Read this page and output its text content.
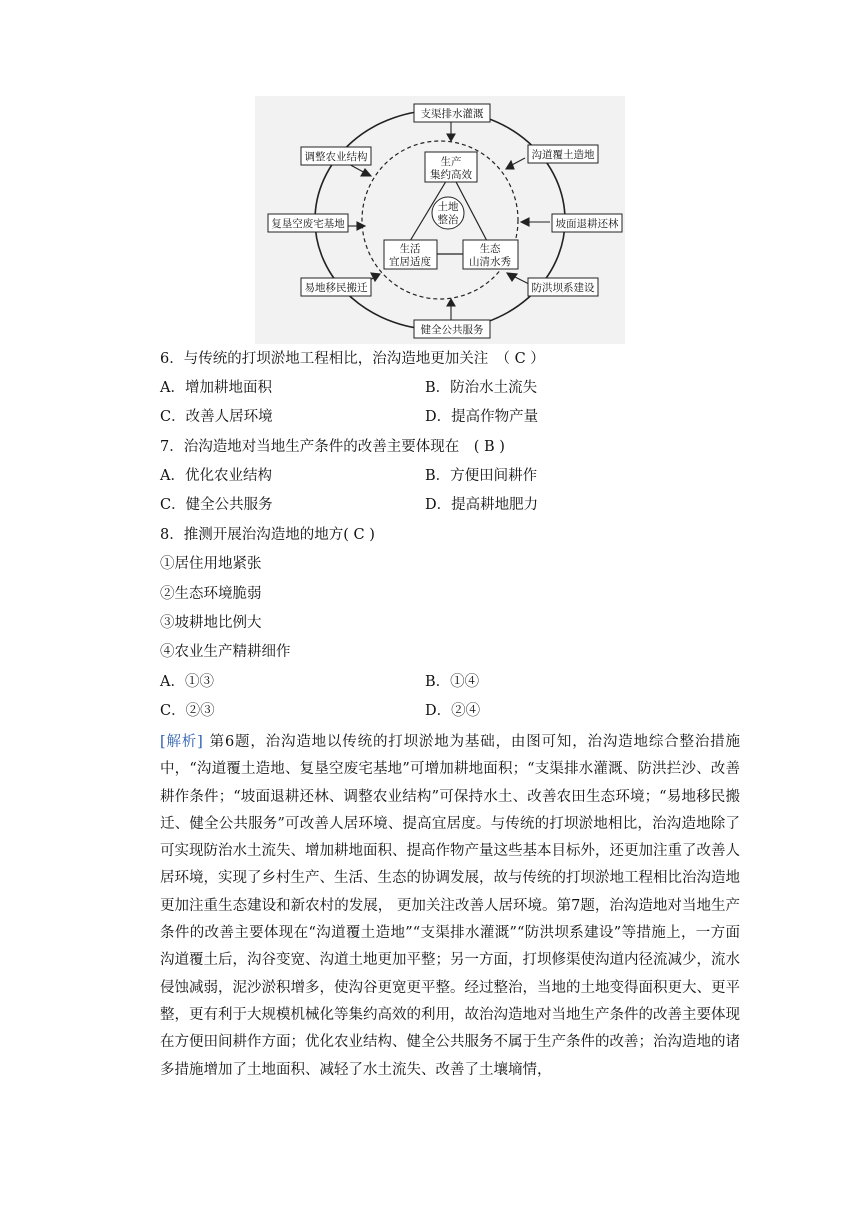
支渠排水灌溉
调整农业结构	沟道覆土造地
复垦空废宅基地	坡面退耕还林
易地移民搬迁	防洪坝系建设
健全公共服务
生产
集约高效
土地
整治
生活
宜居适度
生态
山清水秀
6．与传统的打坝淤地工程相比，治沟造地更加关注　（ C ）
A．增加耕地面积	B．防治水土流失
C．改善人居环境	D．提高作物产量
7．治沟造地对当地生产条件的改善主要体现在　( B )
A．优化农业结构	B．方便田间耕作
C．健全公共服务	D．提高耕地肥力
8．推测开展治沟造地的地方( C )
①居住用地紧张
②生态环境脆弱
③坡耕地比例大
④农业生产精耕细作
A．①③	B．①④
C．②③	D．②④

[解析] 第6题，治沟造地以传统的打坝淤地为基础，由图可知，治沟造地综合整治措施中，“沟道覆土造地、复垦空废宅基地”可增加耕地面积；“支渠排水灌溉、防洪拦沙、改善耕作条件；“坡面退耕还林、调整农业结构”可保持水土、改善农田生态环境；“易地移民搬迁、健全公共服务”可改善人居环境、提高宜居度。与传统的打坝淤地相比，治沟造地除了可实现防治水土流失、增加耕地面积、提高作物产量这些基本目标外，还更加注重了改善人居环境，实现了乡村生产、生活、生态的协调发展，故与传统的打坝淤地工程相比治沟造地更加注重生态建设和新农村的发展， 更加关注改善人居环境。第7题，治沟造地对当地生产条件的改善主要体现在“沟道覆土造地”“支渠排水灌溉”“防洪坝系建设”等措施上，一方面沟道覆土后，沟谷变宽、沟道土地更加平整；另一方面，打坝修渠使沟道内径流减少，流水侵蚀减弱，泥沙淤积增多，使沟谷更宽更平整。经过整治，当地的土地变得面积更大、更平整，更有利于大规模机械化等集约高效的利用，故治沟造地对当地生产条件的改善主要体现在方便田间耕作方面；优化农业结构、健全公共服务不属于生产条件的改善；治沟造地的诸多措施增加了土地面积、减轻了水土流失、改善了土壤墒情，
